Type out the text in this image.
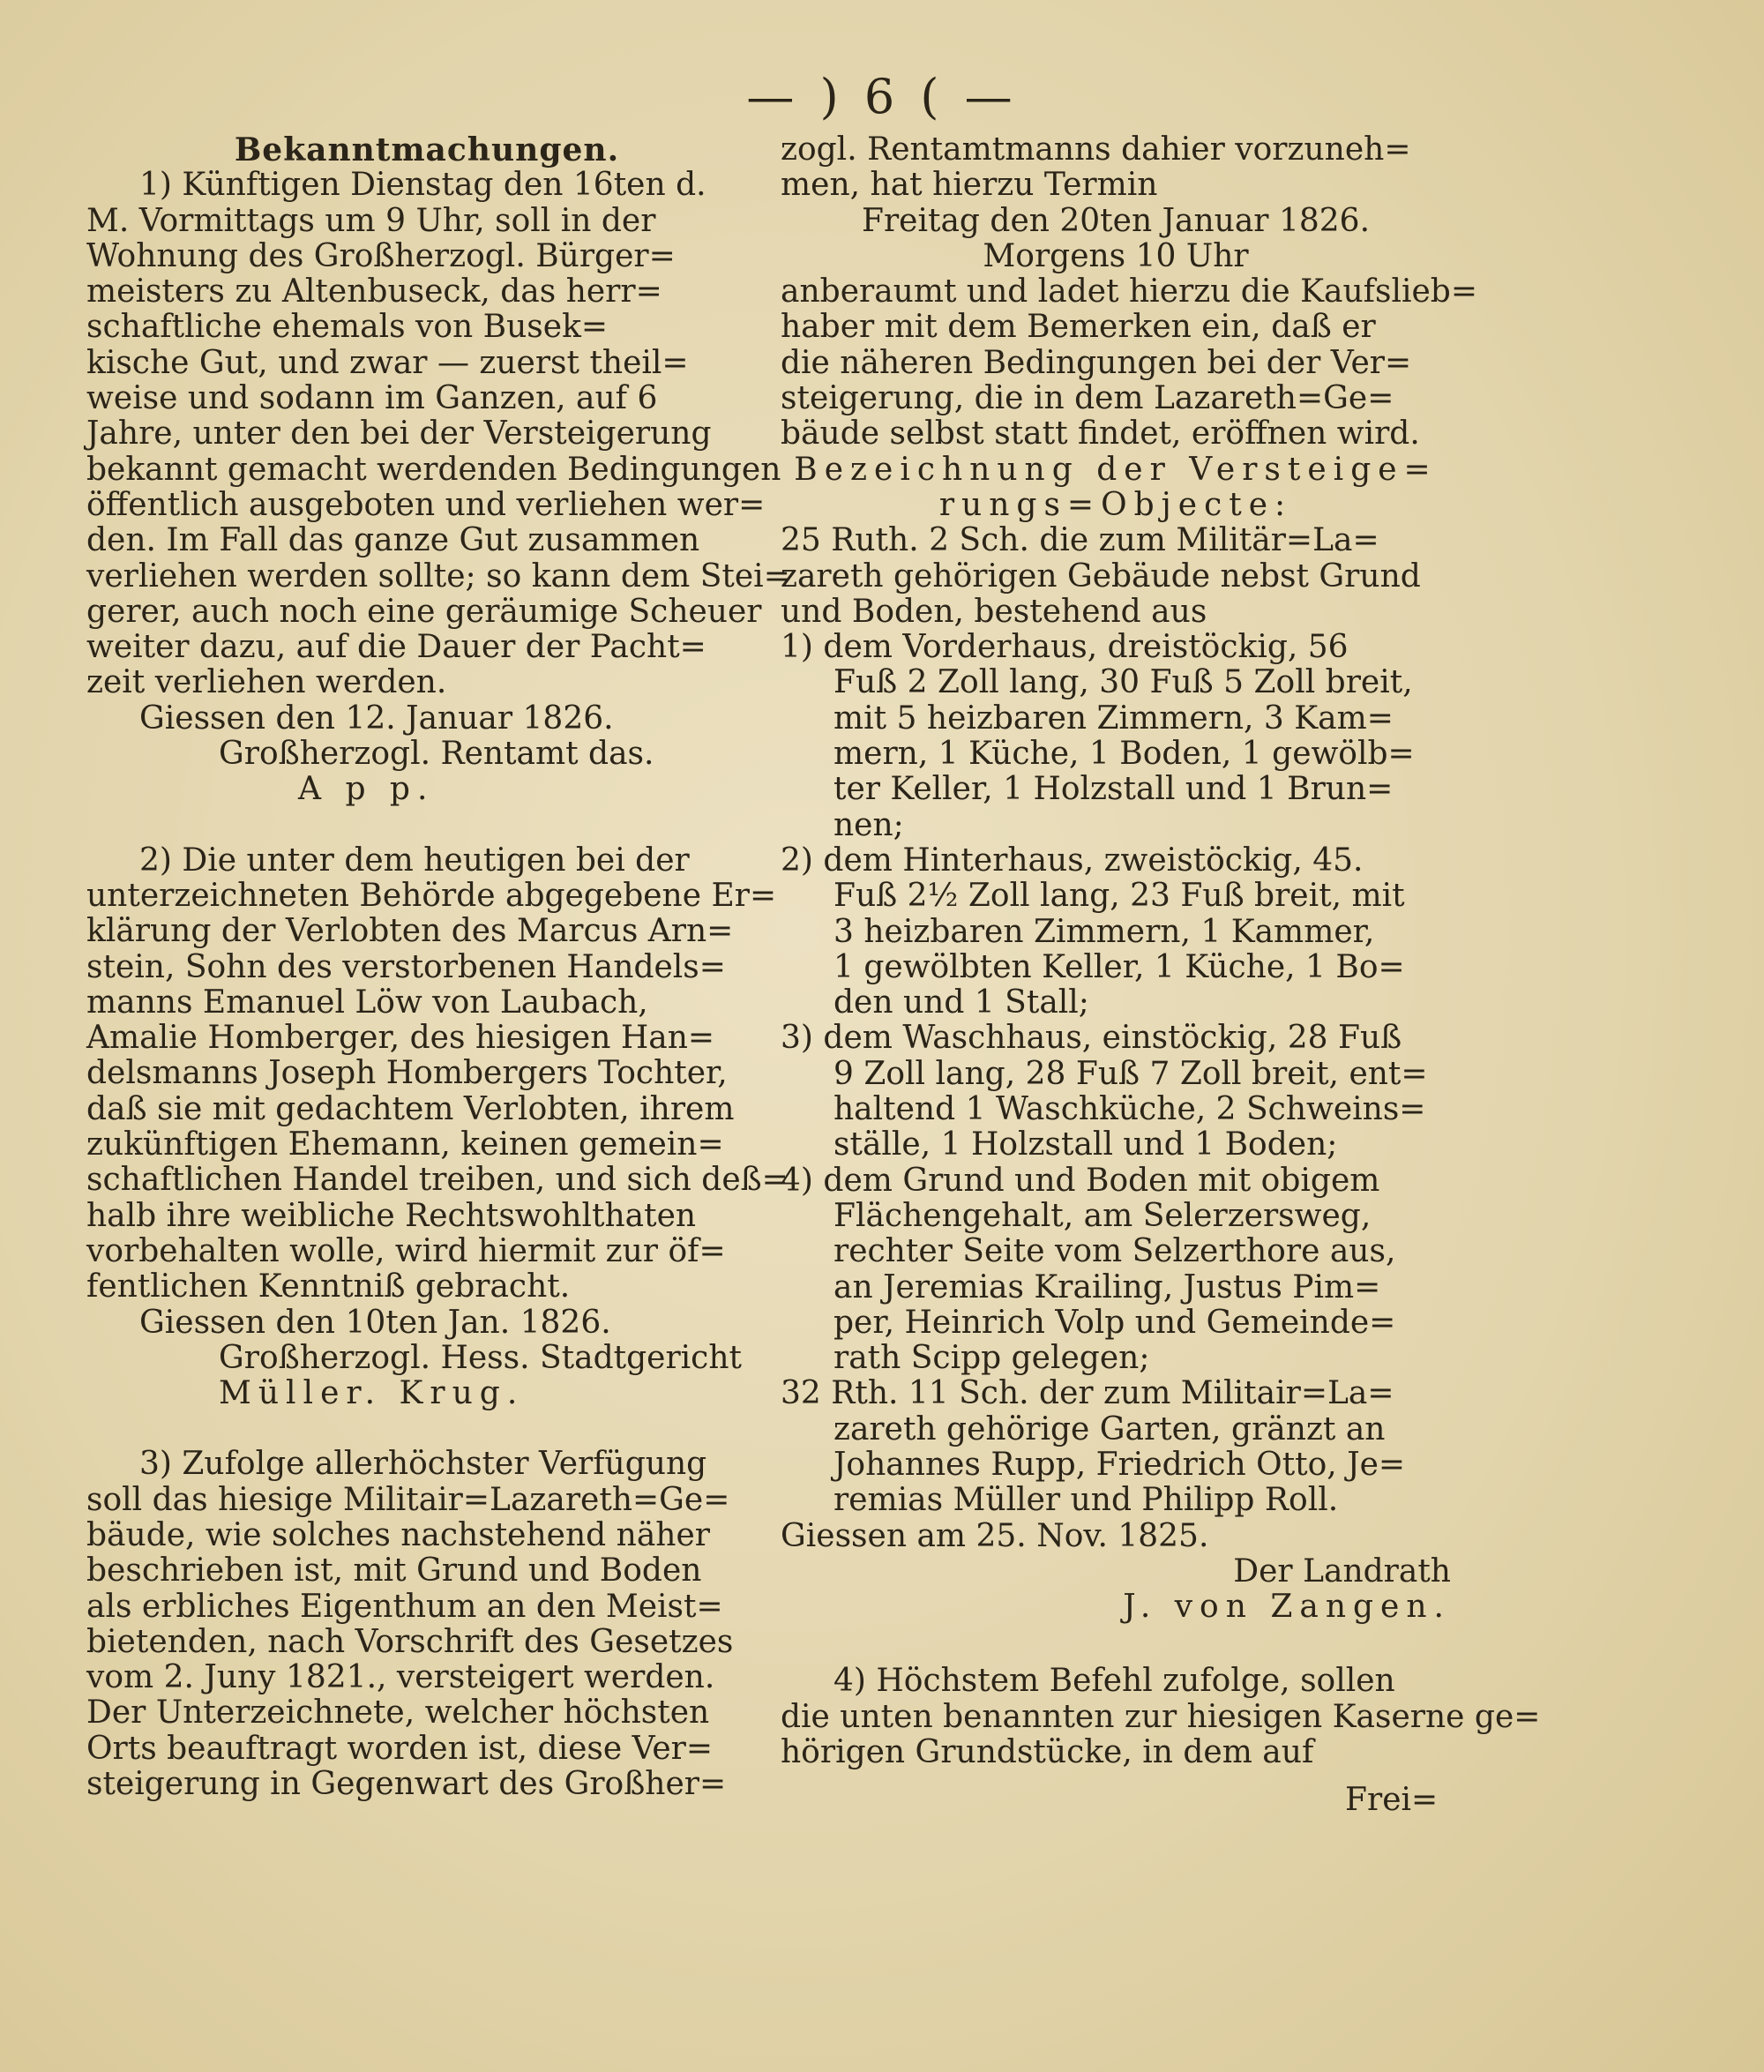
— ) 6 ( —
Bekanntmachungen.
1) Künftigen Dienstag den 16ten d.
M. Vormittags um 9 Uhr, soll in der
Wohnung des Großherzogl. Bürger=
meisters zu Altenbuseck, das herr=
schaftliche ehemals von Busek=
kische Gut, und zwar — zuerst theil=
weise und sodann im Ganzen, auf 6
Jahre, unter den bei der Versteigerung
bekannt gemacht werdenden Bedingungen
öffentlich ausgeboten und verliehen wer=
den. Im Fall das ganze Gut zusammen
verliehen werden sollte; so kann dem Stei=
gerer, auch noch eine geräumige Scheuer
weiter dazu, auf die Dauer der Pacht=
zeit verliehen werden.
Giessen den 12. Januar 1826.
Großherzogl. Rentamt das.
A p p.
2) Die unter dem heutigen bei der
unterzeichneten Behörde abgegebene Er=
klärung der Verlobten des Marcus Arn=
stein, Sohn des verstorbenen Handels=
manns Emanuel Löw von Laubach,
Amalie Homberger, des hiesigen Han=
delsmanns Joseph Hombergers Tochter,
daß sie mit gedachtem Verlobten, ihrem
zukünftigen Ehemann, keinen gemein=
schaftlichen Handel treiben, und sich deß=
halb ihre weibliche Rechtswohlthaten
vorbehalten wolle, wird hiermit zur öf=
fentlichen Kenntniß gebracht.
Giessen den 10ten Jan. 1826.
Großherzogl. Hess. Stadtgericht
Müller. Krug.
3) Zufolge allerhöchster Verfügung
soll das hiesige Militair=Lazareth=Ge=
bäude, wie solches nachstehend näher
beschrieben ist, mit Grund und Boden
als erbliches Eigenthum an den Meist=
bietenden, nach Vorschrift des Gesetzes
vom 2. Juny 1821., versteigert werden.
Der Unterzeichnete, welcher höchsten
Orts beauftragt worden ist, diese Ver=
steigerung in Gegenwart des Großher=
zogl. Rentamtmanns dahier vorzuneh=
men, hat hierzu Termin
Freitag den 20ten Januar 1826.
Morgens 10 Uhr
anberaumt und ladet hierzu die Kaufslieb=
haber mit dem Bemerken ein, daß er
die näheren Bedingungen bei der Ver=
steigerung, die in dem Lazareth=Ge=
bäude selbst statt findet, eröffnen wird.
Bezeichnung der Versteige=
rungs=Objecte:
25 Ruth. 2 Sch. die zum Militär=La=
zareth gehörigen Gebäude nebst Grund
und Boden, bestehend aus
1) dem Vorderhaus, dreistöckig, 56
Fuß 2 Zoll lang, 30 Fuß 5 Zoll breit,
mit 5 heizbaren Zimmern, 3 Kam=
mern, 1 Küche, 1 Boden, 1 gewölb=
ter Keller, 1 Holzstall und 1 Brun=
nen;
2) dem Hinterhaus, zweistöckig, 45.
Fuß 2½ Zoll lang, 23 Fuß breit, mit
3 heizbaren Zimmern, 1 Kammer,
1 gewölbten Keller, 1 Küche, 1 Bo=
den und 1 Stall;
3) dem Waschhaus, einstöckig, 28 Fuß
9 Zoll lang, 28 Fuß 7 Zoll breit, ent=
haltend 1 Waschküche, 2 Schweins=
ställe, 1 Holzstall und 1 Boden;
4) dem Grund und Boden mit obigem
Flächengehalt, am Selerzersweg,
rechter Seite vom Selzerthore aus,
an Jeremias Krailing, Justus Pim=
per, Heinrich Volp und Gemeinde=
rath Scipp gelegen;
32 Rth. 11 Sch. der zum Militair=La=
zareth gehörige Garten, gränzt an
Johannes Rupp, Friedrich Otto, Je=
remias Müller und Philipp Roll.
Giessen am 25. Nov. 1825.
Der Landrath
J. von Zangen.
4) Höchstem Befehl zufolge, sollen
die unten benannten zur hiesigen Kaserne ge=
hörigen Grundstücke, in dem auf
Frei=
